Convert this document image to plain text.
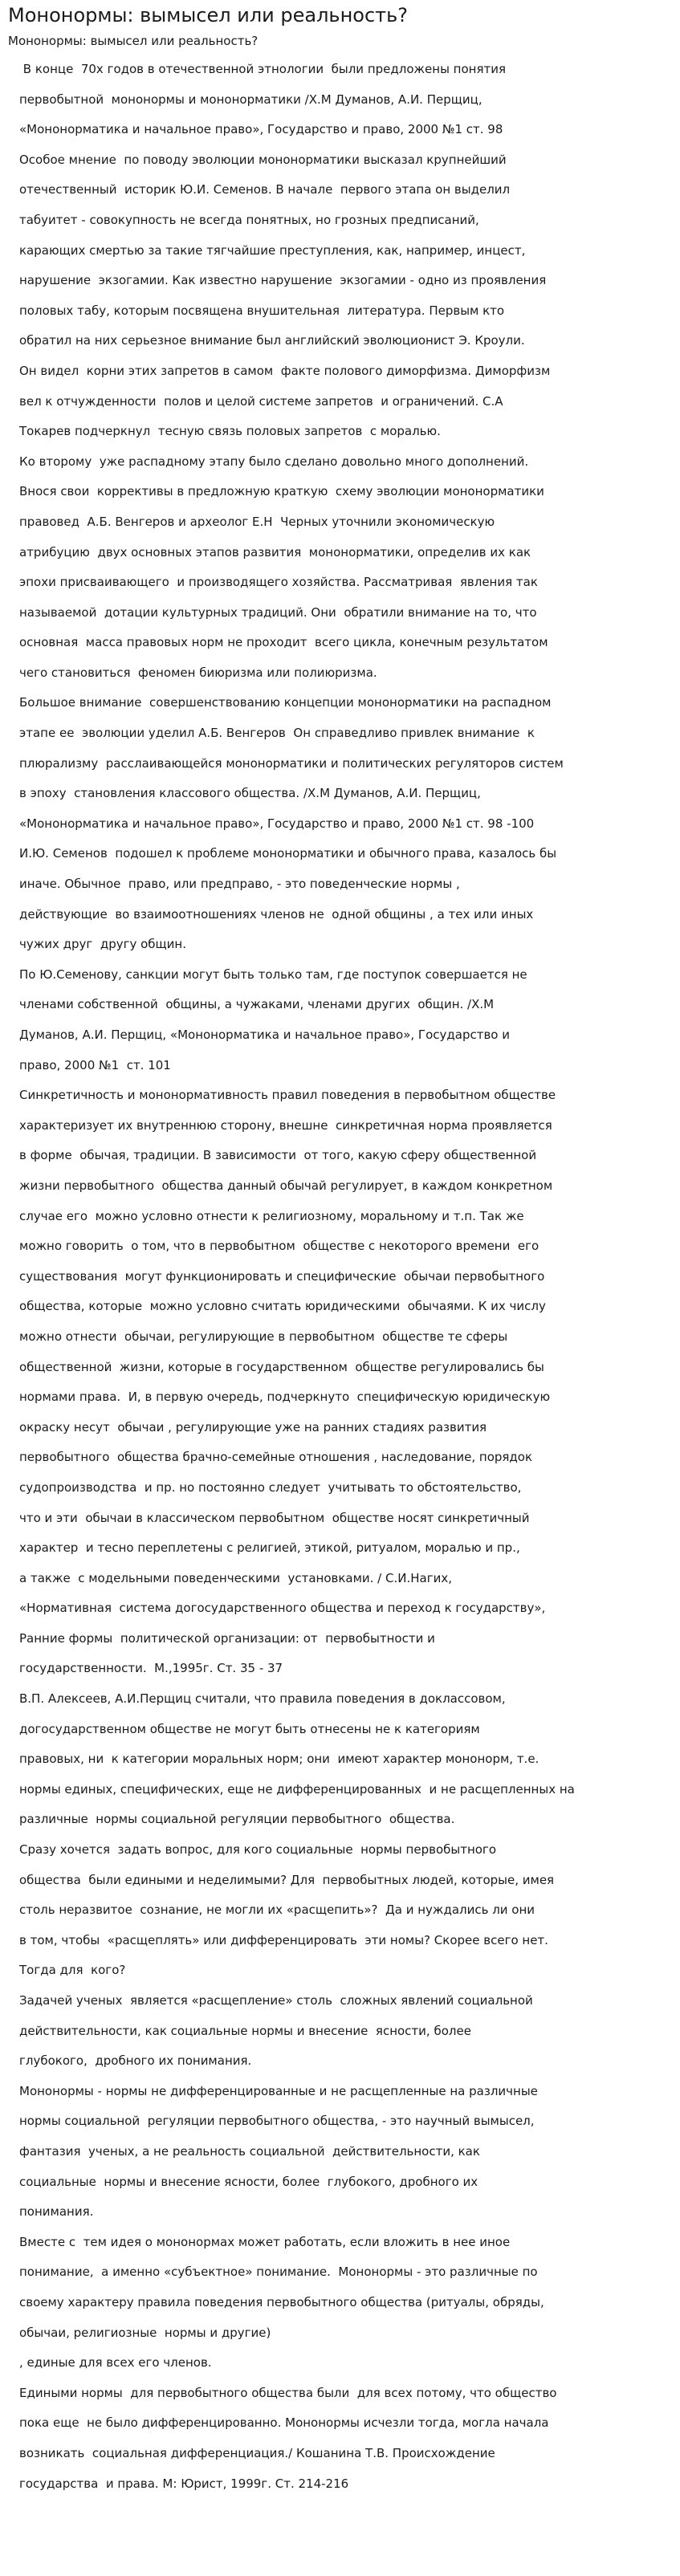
Мононормы: вымысел или реальность?
Мононормы: вымысел или реальность?
В конце  70х годов в отечественной этнологии  были предложены понятия
первобытной  мононормы и мононорматики /Х.М Думанов, А.И. Перщиц,
«Мононорматика и начальное право», Государство и право, 2000 №1 ст. 98
Особое мнение  по поводу эволюции мононорматики высказал крупнейший
отечественный  историк Ю.И. Семенов. В начале  первого этапа он выделил
табуитет - совокупность не всегда понятных, но грозных предписаний,
карающих смертью за такие тягчайшие преступления, как, например, инцест,
нарушение  экзогамии. Как известно нарушение  экзогамии - одно из проявления
половых табу, которым посвящена внушительная  литература. Первым кто
обратил на них серьезное внимание был английский эволюционист Э. Кроули.
Он видел  корни этих запретов в самом  факте полового диморфизма. Диморфизм
вел к отчужденности  полов и целой системе запретов  и ограничений. С.А
Токарев подчеркнул  тесную связь половых запретов  с моралью.
Ко второму  уже распадному этапу было сделано довольно много дополнений.
Внося свои  коррективы в предложную краткую  схему эволюции мононорматики
правовед  А.Б. Венгеров и археолог Е.Н  Черных уточнили экономическую
атрибуцию  двух основных этапов развития  мононорматики, определив их как
эпохи присваивающего  и производящего хозяйства. Рассматривая  явления так
называемой  дотации культурных традиций. Они  обратили внимание на то, что
основная  масса правовых норм не проходит  всего цикла, конечным результатом
чего становиться  феномен биюризма или полиюризма.
Большое внимание  совершенствованию концепции мононорматики на распадном
этапе ее  эволюции уделил А.Б. Венгеров  Он справедливо привлек внимание  к
плюрализму  расслаивающейся мононорматики и политических регуляторов систем
в эпоху  становления классового общества. /Х.М Думанов, А.И. Перщиц,
«Мононорматика и начальное право», Государство и право, 2000 №1 ст. 98 -100
И.Ю. Семенов  подошел к проблеме мононорматики и обычного права, казалось бы
иначе. Обычное  право, или предправо, - это поведенческие нормы ,
действующие  во взаимоотношениях членов не  одной общины , а тех или иных
чужих друг  другу общин.
По Ю.Семенову, санкции могут быть только там, где поступок совершается не
членами собственной  общины, а чужаками, членами других  общин. /Х.М
Думанов, А.И. Перщиц, «Мононорматика и начальное право», Государство и
право, 2000 №1  ст. 101
Синкретичность и мононормативность правил поведения в первобытном обществе
характеризует их внутреннюю сторону, внешне  синкретичная норма проявляется
в форме  обычая, традиции. В зависимости  от того, какую сферу общественной
жизни первобытного  общества данный обычай регулирует, в каждом конкретном
случае его  можно условно отнести к религиозному, моральному и т.п. Так же
можно говорить  о том, что в первобытном  обществе с некоторого времени  его
существования  могут функционировать и специфические  обычаи первобытного
общества, которые  можно условно считать юридическими  обычаями. К их числу
можно отнести  обычаи, регулирующие в первобытном  обществе те сферы
общественной  жизни, которые в государственном  обществе регулировались бы
нормами права.  И, в первую очередь, подчеркнуто  специфическую юридическую
окраску несут  обычаи , регулирующие уже на ранних стадиях развития
первобытного  общества брачно-семейные отношения , наследование, порядок
судопроизводства  и пр. но постоянно следует  учитывать то обстоятельство,
что и эти  обычаи в классическом первобытном  обществе носят синкретичный
характер  и тесно переплетены с религией, этикой, ритуалом, моралью и пр.,
а также  с модельными поведенческими  установками. / С.И.Нагих,
«Нормативная  система догосударственного общества и переход к государству»,
Ранние формы  политической организации: от  первобытности и
государственности.  М.,1995г. Ст. 35 - 37
В.П. Алексеев, А.И.Перщиц считали, что правила поведения в доклассовом,
догосударственном обществе не могут быть отнесены не к категориям
правовых, ни  к категории моральных норм; они  имеют характер мононорм, т.е.
нормы единых, специфических, еще не дифференцированных  и не расщепленных на
различные  нормы социальной регуляции первобытного  общества.
Сразу хочется  задать вопрос, для кого социальные  нормы первобытного
общества  были едиными и неделимыми? Для  первобытных людей, которые, имея
столь неразвитое  сознание, не могли их «расщепить»?  Да и нуждались ли они
в том, чтобы  «расщеплять» или дифференцировать  эти номы? Скорее всего нет.
Тогда для  кого?
Задачей ученых  является «расщепление» столь  сложных явлений социальной
действительности, как социальные нормы и внесение  ясности, более
глубокого,  дробного их понимания.
Мононормы - нормы не дифференцированные и не расщепленные на различные
нормы социальной  регуляции первобытного общества, - это научный вымысел,
фантазия  ученых, а не реальность социальной  действительности, как
социальные  нормы и внесение ясности, более  глубокого, дробного их
понимания.
Вместе с  тем идея о мононормах может работать, если вложить в нее иное
понимание,  а именно «субъектное» понимание.  Мононормы - это различные по
своему характеру правила поведения первобытного общества (ритуалы, обряды,
обычаи, религиозные  нормы и другие)
, единые для всех его членов.
Едиными нормы  для первобытного общества были  для всех потому, что общество
пока еще  не было дифференцированно. Мононормы исчезли тогда, могла начала
возникать  социальная дифференциация./ Кошанина Т.В. Происхождение
государства  и права. М: Юрист, 1999г. Ст. 214-216
